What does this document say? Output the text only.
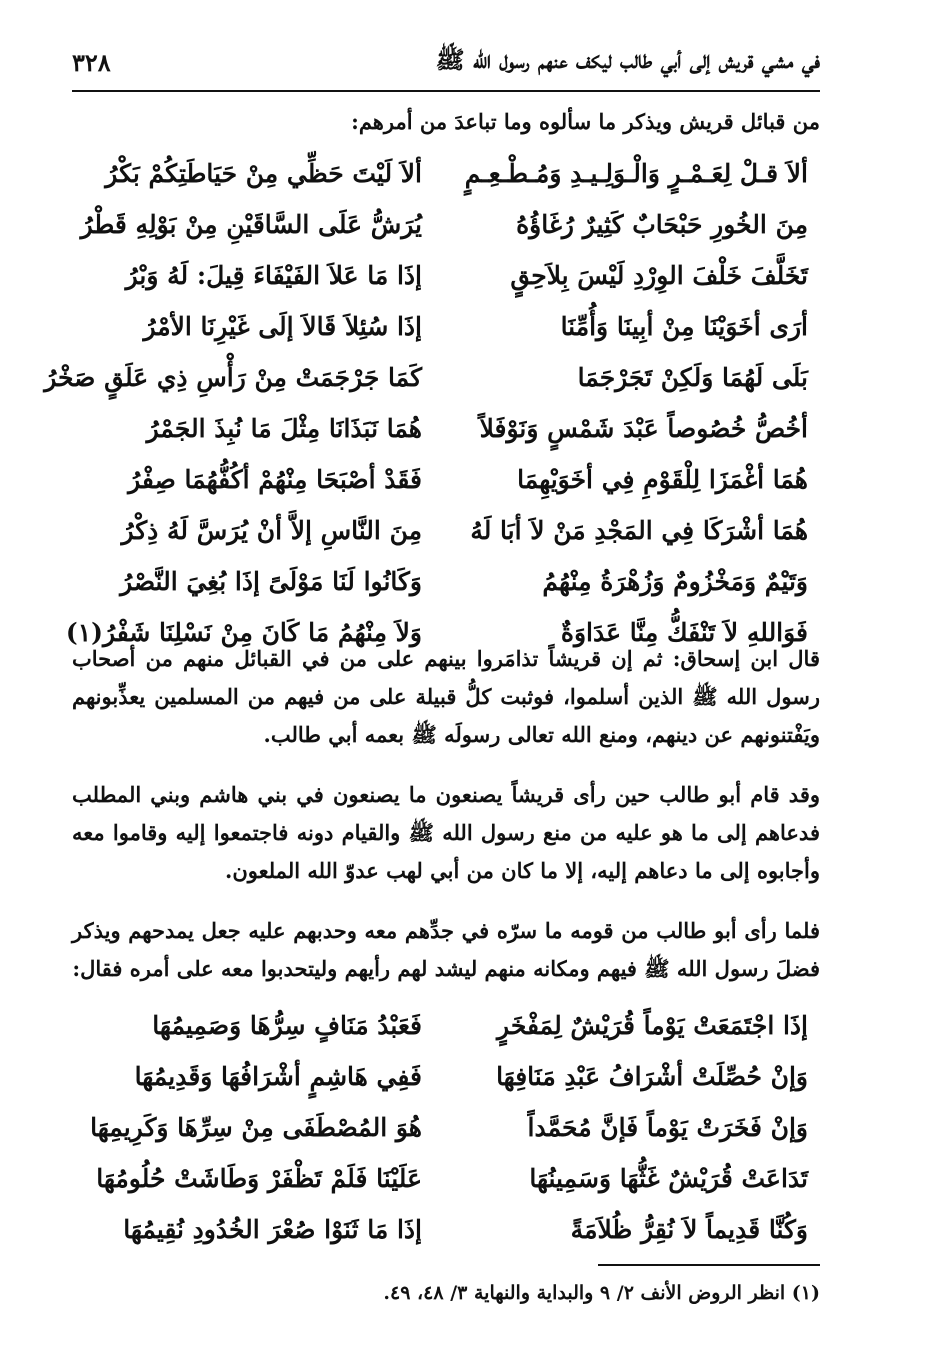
في مشي قريش إلى أبي طالب ليكف عنهم رسول الله ﷺ
٣٢٨
من قبائل قريش ويذكر ما سألوه وما تباعدَ من أمرهم:
ألاَ قـلْ لِعَـمْـرٍ وَالْـوَلِـيـدِ وَمُـطْـعِـمٍ
ألاَ لَيْتَ حَظِّي مِنْ حَيَاطَتِكُمْ بَكْرُ
مِنَ الخُورِ حَبْحَابٌ كَثِيرٌ رُغَاؤُهُ
يُرَشُّ عَلَى السَّاقَيْنِ مِنْ بَوْلِهِ قَطْرُ
تَخَلَّفَ خَلْفَ الوِرْدِ لَيْسَ بِلاَحِقٍ
إذَا مَا عَلاَ الفَيْفَاءَ قِيلَ: لَهُ وَبْرُ
أرَى أخَوَيْنَا مِنْ أبِينَا وَأُمِّنَا
إذَا سُئِلاَ قَالاَ إلَى غَيْرِنَا الأمْرُ
بَلَى لَهُمَا وَلَكِنْ تَجَرْجَمَا
كَمَا جَرْجَمَتْ مِنْ رَأْسِ ذِي عَلَقٍ صَخْرُ
أخُصُّ خُصُوصاً عَبْدَ شَمْسٍ وَنَوْفَلاً
هُمَا نَبَذَانَا مِثْلَ مَا نُبِذَ الجَمْرُ
هُمَا أغْمَزَا لِلْقَوْمِ فِي أخَوَيْهِمَا
فَقَدْ أصْبَحَا مِنْهُمْ أكُفُّهُمَا صِفْرُ
هُمَا أشْرَكَا فِي المَجْدِ مَنْ لاَ أبَا لَهُ
مِنَ النَّاسِ إلاَّ أنْ يُرَسَّ لَهُ ذِكْرُ
وَتَيْمٌ وَمَخْزُومٌ وَزُهْرَةُ مِنْهُمُ
وَكَانُوا لَنَا مَوْلَىً إذَا بُغِيَ النَّصْرُ
فَوَاللهِ لاَ تَنْفَكُّ مِنَّا عَدَاوَةٌ
وَلاَ مِنْهُمُ مَا كَانَ مِنْ نَسْلِنَا شَفْرُ(١)
قال ابن إسحاق: ثم إن قريشاً تذامَروا بينهم على من في القبائل منهم من أصحاب رسول الله ﷺ الذين أسلموا، فوثبت كلُّ قبيلة على من فيهم من المسلمين يعذِّبونهم ويَفْتنونهم عن دينهم، ومنع الله تعالى رسولَه ﷺ بعمه أبي طالب.
وقد قام أبو طالب حين رأى قريشاً يصنعون ما يصنعون في بني هاشم وبني المطلب فدعاهم إلى ما هو عليه من منع رسول الله ﷺ والقيام دونه فاجتمعوا إليه وقاموا معه وأجابوه إلى ما دعاهم إليه، إلا ما كان من أبي لهب عدوّ الله الملعون.
فلما رأى أبو طالب من قومه ما سرّه في جدِّهم معه وحدبهم عليه جعل يمدحهم ويذكر فضلَ رسول الله ﷺ فيهم ومكانه منهم ليشد لهم رأيهم وليتحدبوا معه على أمره فقال:
إذَا اجْتَمَعَتْ يَوْماً قُرَيْشٌ لِمَفْخَرٍ
فَعَبْدُ مَنَافٍ سِرُّهَا وَصَمِيمُهَا
وَإنْ حُصِّلَتْ أشْرَافُ عَبْدِ مَنَافِهَا
فَفِي هَاشِمٍ أشْرَافُهَا وَقَدِيمُهَا
وَإنْ فَخَرَتْ يَوْماً فَإنَّ مُحَمَّداً
هُوَ المُصْطَفَى مِنْ سِرِّهَا وَكَرِيمِهَا
تَدَاعَتْ قُرَيْشٌ غَثُّهَا وَسَمِينُهَا
عَلَيْنَا فَلَمْ تَظْفَرْ وَطَاشَتْ حُلُومُهَا
وَكُنَّا قَدِيماً لاَ نُقِرُّ ظُلاَمَةً
إذَا مَا ثَنَوْا صُعْرَ الخُدُودِ نُقِيمُهَا
(١) انظر الروض الأنف ٢/ ٩ والبداية والنهاية ٣/ ٤٨، ٤٩.
